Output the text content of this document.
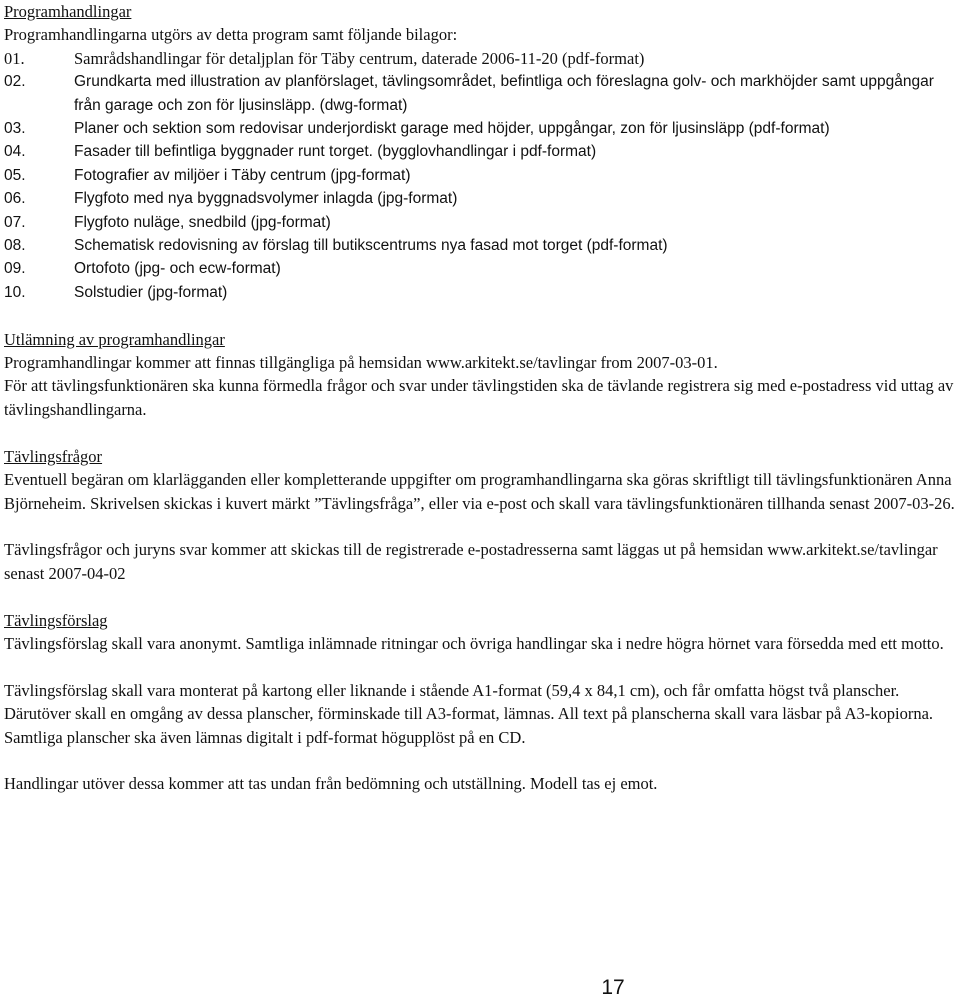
Programhandlingar

Programhandlingarna utgörs av detta program samt följande bilagor:

01.	Samrådshandlingar för detaljplan för Täby centrum, daterade 2006-11-20 (pdf-format)
02.	Grundkarta med illustration av planförslaget, tävlingsområdet, befintliga och föreslagna golv- och markhöjder samt uppgångar från garage och zon för ljusinsläpp. (dwg-format)
03.	Planer och sektion som redovisar underjordiskt garage med höjder, uppgångar, zon för ljusinsläpp (pdf-format)
04.	Fasader till befintliga byggnader runt torget. (bygglovhandlingar i pdf-format)
05.	Fotografier av miljöer i Täby centrum (jpg-format)
06.	Flygfoto med nya byggnadsvolymer inlagda (jpg-format)
07.	Flygfoto nuläge, snedbild (jpg-format)
08.	Schematisk redovisning av förslag till butikscentrums nya fasad mot torget (pdf-format)
09.	Ortofoto (jpg- och ecw-format)
10.	Solstudier (jpg-format)

Utlämning av programhandlingar

Programhandlingar kommer att finnas tillgängliga på hemsidan www.arkitekt.se/tavlingar from 2007-03-01.

För att tävlingsfunktionären ska kunna förmedla frågor och svar under tävlingstiden ska de tävlande registrera sig med e-postadress vid uttag av tävlingshandlingarna.

Tävlingsfrågor

Eventuell begäran om klarlägganden eller kompletterande uppgifter om programhandlingarna ska göras skriftligt till tävlingsfunktionären Anna Björneheim. Skrivelsen skickas i kuvert märkt ”Tävlingsfråga”, eller via e-post och skall vara tävlingsfunktionären tillhanda senast 2007-03-26.

Tävlingsfrågor och juryns svar kommer att skickas till de registrerade e-postadresserna samt läggas ut på hemsidan www.arkitekt.se/tavlingar senast 2007-04-02

Tävlingsförslag

Tävlingsförslag skall vara anonymt. Samtliga inlämnade ritningar och övriga handlingar ska i nedre högra hörnet vara försedda med ett motto.

Tävlingsförslag skall vara monterat på kartong eller liknande i stående A1-format (59,4 x 84,1 cm), och får omfatta högst två planscher. Därutöver skall en omgång av dessa planscher, förminskade till A3-format, lämnas. All text på planscherna skall vara läsbar på A3-kopiorna.

Samtliga planscher ska även lämnas digitalt i pdf-format högupplöst på en CD.

Handlingar utöver dessa kommer att tas undan från bedömning och utställning. Modell tas ej emot.

17
